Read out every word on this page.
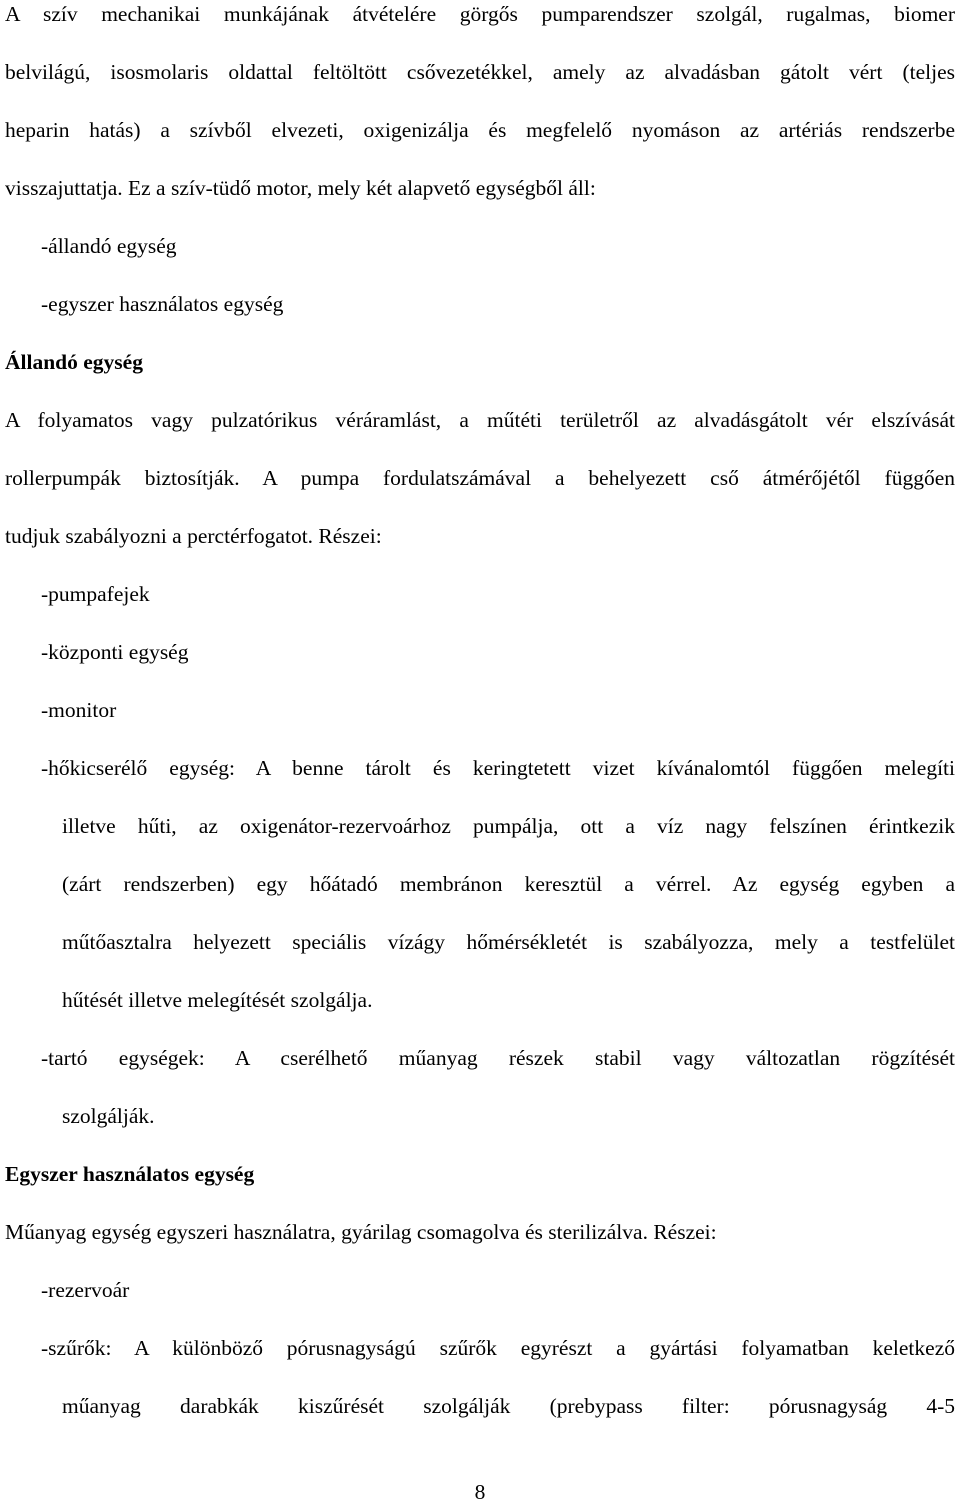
A szív mechanikai munkájának átvételére görgős pumparendszer szolgál, rugalmas, biomer
belvilágú, isosmolaris oldattal feltöltött csővezetékkel, amely az alvadásban gátolt vért (teljes
heparin hatás) a szívből elvezeti, oxigenizálja és megfelelő nyomáson az artériás rendszerbe
visszajuttatja. Ez a szív-tüdő motor, mely két alapvető egységből áll:
-állandó egység
-egyszer használatos egység
Állandó egység
A folyamatos vagy pulzatórikus véráramlást, a műtéti területről az alvadásgátolt vér elszívását
rollerpumpák biztosítják. A pumpa fordulatszámával a behelyezett cső átmérőjétől függően
tudjuk szabályozni a perctérfogatot. Részei:
-pumpafejek
-központi egység
-monitor
-hőkicserélő egység: A benne tárolt és keringtetett vizet kívánalomtól függően melegíti
illetve hűti, az oxigenátor-rezervoárhoz pumpálja, ott a víz nagy felszínen érintkezik
(zárt rendszerben) egy hőátadó membránon keresztül a vérrel. Az egység egyben a
műtőasztalra helyezett speciális vízágy hőmérsékletét is szabályozza, mely a testfelület
hűtését illetve melegítését szolgálja.
-tartó egységek: A cserélhető műanyag részek stabil vagy változatlan rögzítését
szolgálják.
Egyszer használatos egység
Műanyag egység egyszeri használatra, gyárilag csomagolva és sterilizálva. Részei:
-rezervoár
-szűrők: A különböző pórusnagyságú szűrők egyrészt a gyártási folyamatban keletkező
műanyag darabkák kiszűrését szolgálják (prebypass filter: pórusnagyság 4-5
8
